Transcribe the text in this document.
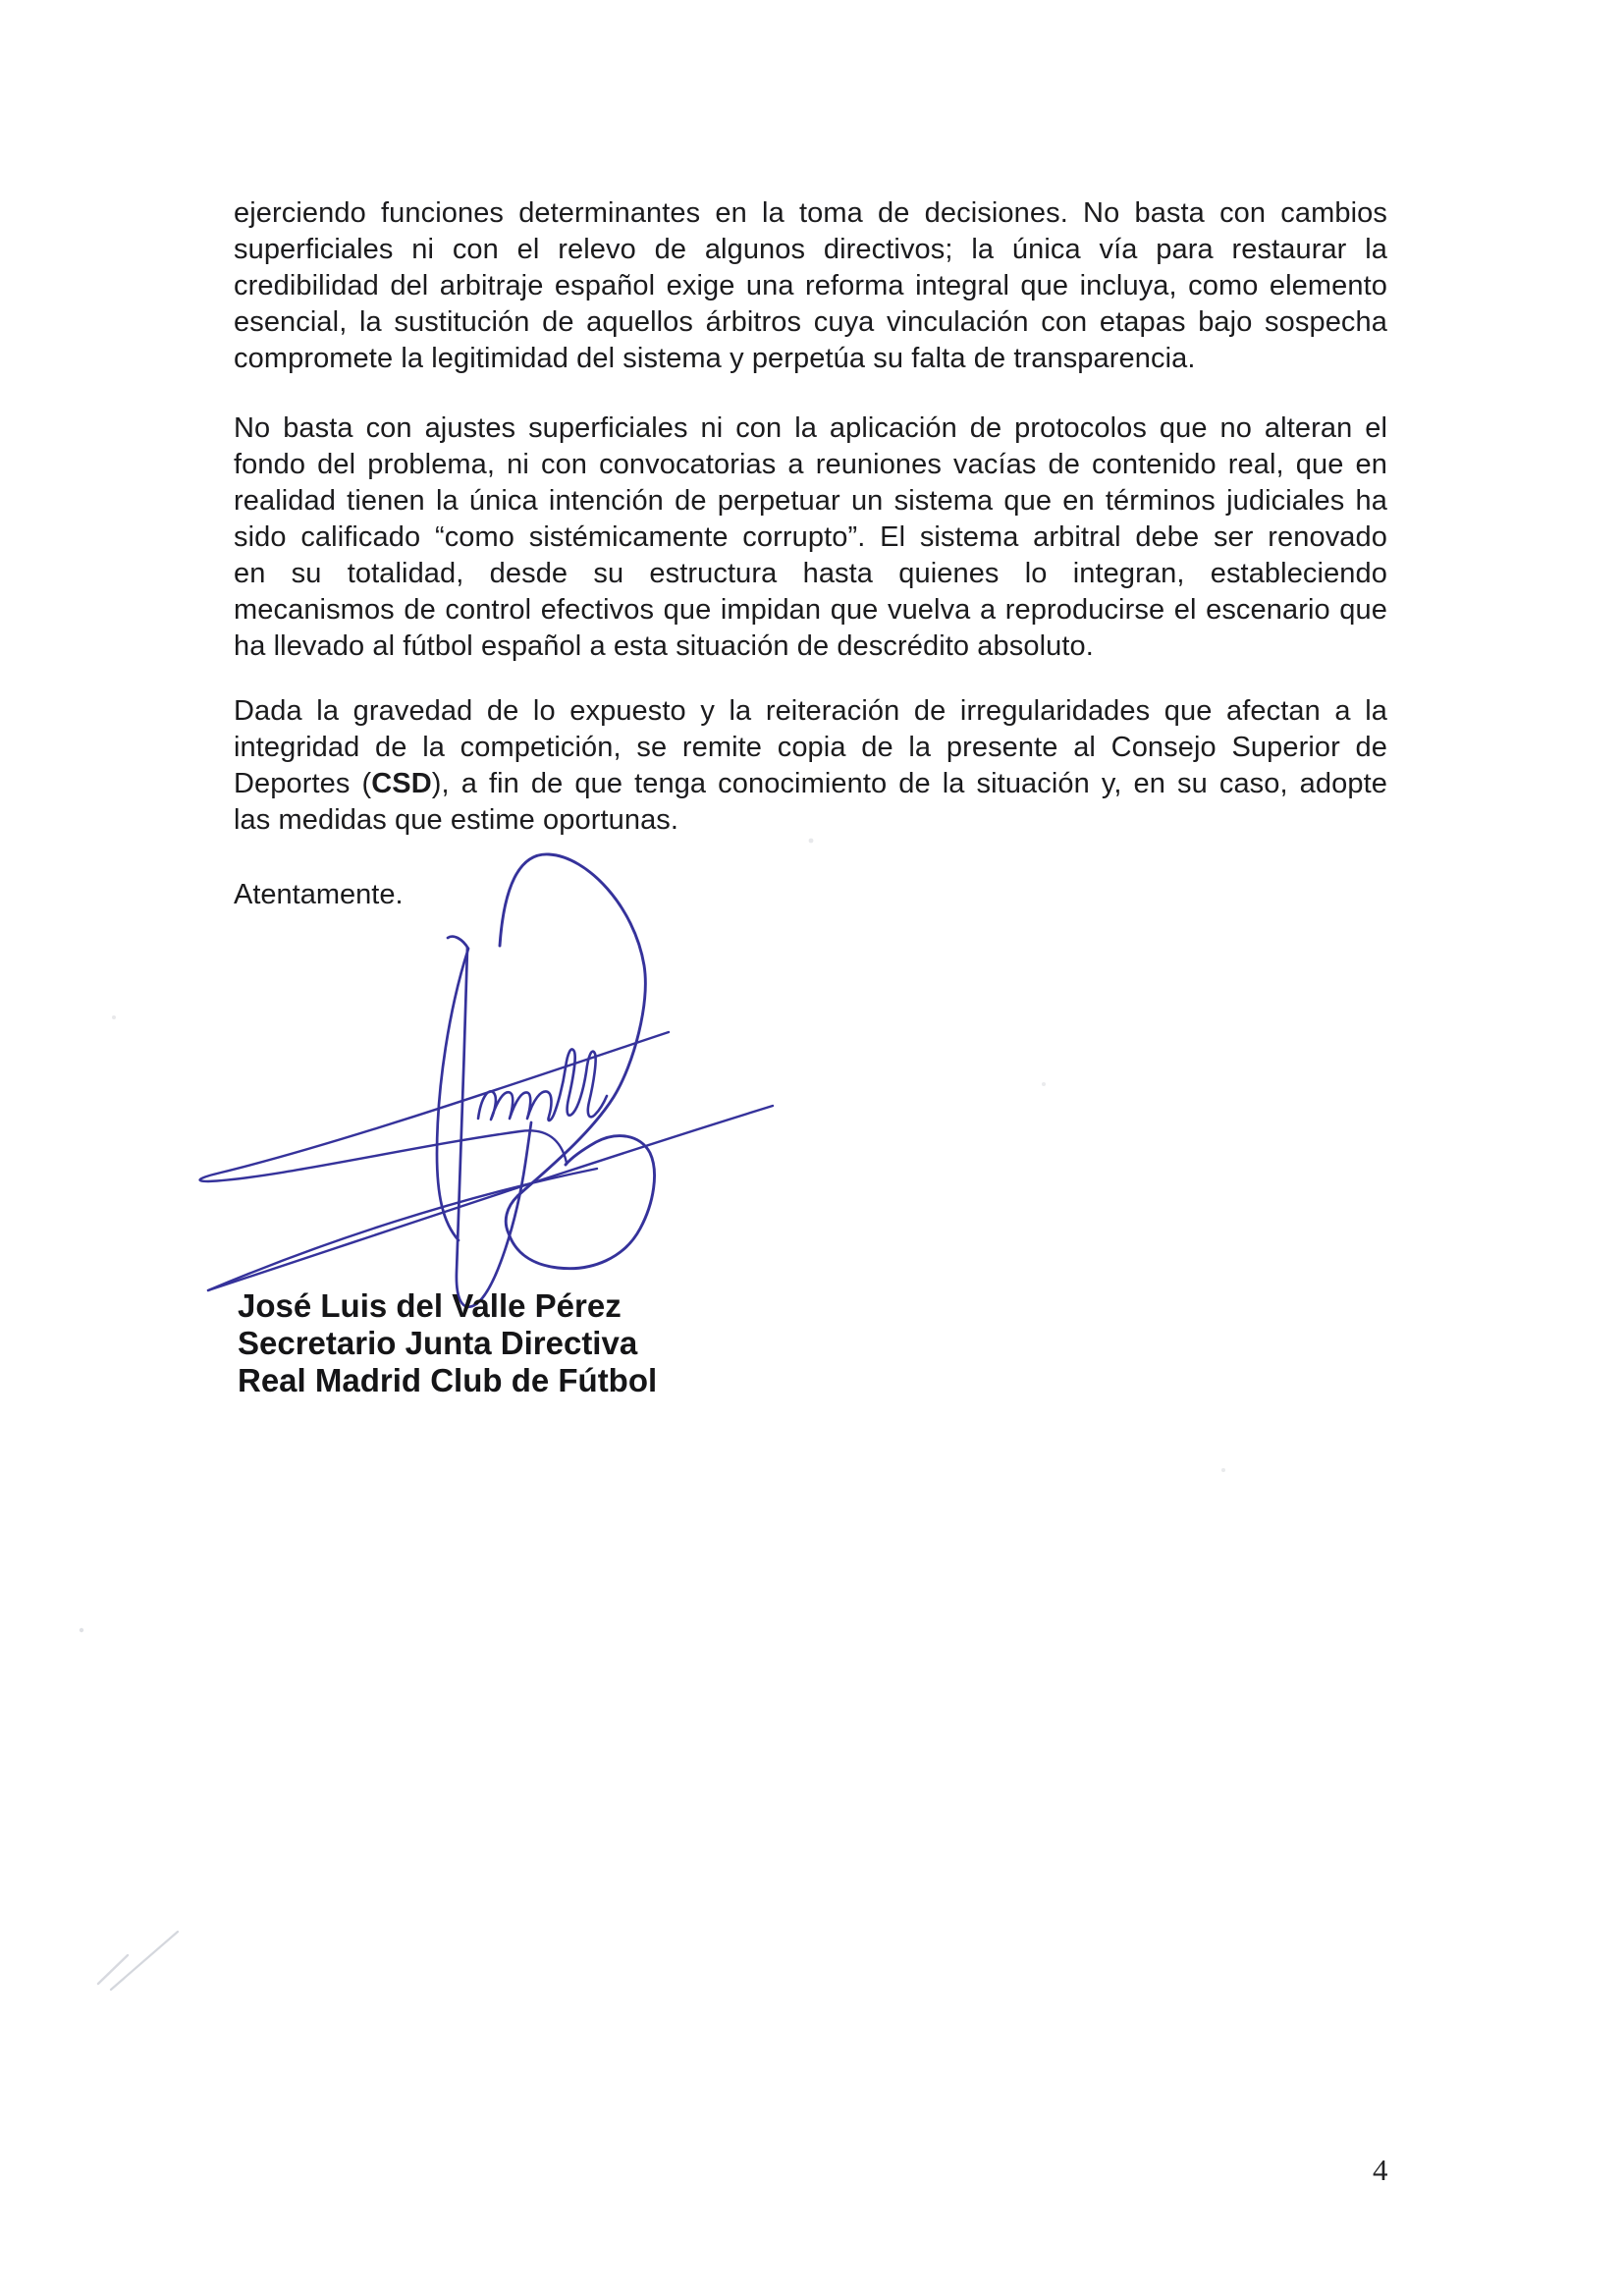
ejerciendo funciones determinantes en la toma de decisiones. No basta con cambios
superficiales ni con el relevo de algunos directivos; la única vía para restaurar la
credibilidad del arbitraje español exige una reforma integral que incluya, como elemento
esencial, la sustitución de aquellos árbitros cuya vinculación con etapas bajo sospecha
compromete la legitimidad del sistema y perpetúa su falta de transparencia.
No basta con ajustes superficiales ni con la aplicación de protocolos que no alteran el
fondo del problema, ni con convocatorias a reuniones vacías de contenido real, que en
realidad tienen la única intención de perpetuar un sistema que en términos judiciales ha
sido calificado “como sistémicamente corrupto”. El sistema arbitral debe ser renovado
en su totalidad, desde su estructura hasta quienes lo integran, estableciendo
mecanismos de control efectivos que impidan que vuelva a reproducirse el escenario que
ha llevado al fútbol español a esta situación de descrédito absoluto.
Dada la gravedad de lo expuesto y la reiteración de irregularidades que afectan a la
integridad de la competición, se remite copia de la presente al Consejo Superior de
Deportes (CSD), a fin de que tenga conocimiento de la situación y, en su caso, adopte
las medidas que estime oportunas.
Atentamente.
José Luis del Valle Pérez
Secretario Junta Directiva
Real Madrid Club de Fútbol
4
